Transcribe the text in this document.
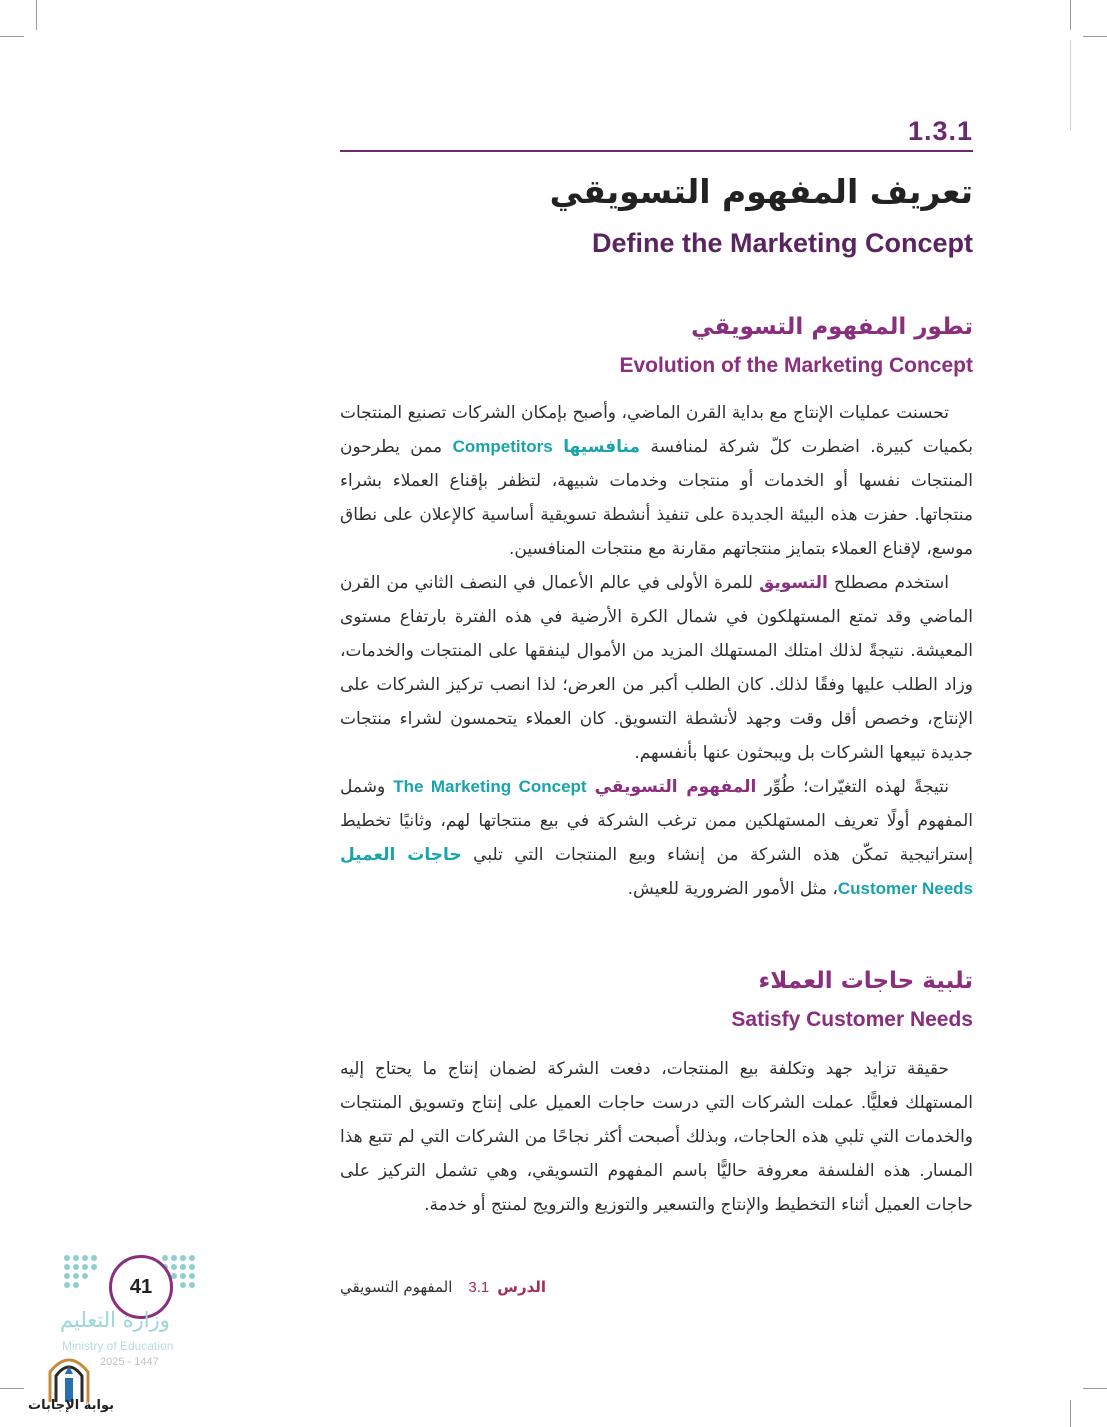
1.3.1
تعريف المفهوم التسويقي
Define the Marketing Concept
تطور المفهوم التسويقي
Evolution of the Marketing Concept

تحسنت عمليات الإنتاج مع بداية القرن الماضي، وأصبح بإمكان الشركات تصنيع المنتجات بكميات كبيرة. اضطرت كلّ شركة لمنافسة منافسيها Competitors ممن يطرحون المنتجات نفسها أو الخدمات أو منتجات وخدمات شبيهة، لتظفر بإقناع العملاء بشراء منتجاتها. حفزت هذه البيئة الجديدة على تنفيذ أنشطة تسويقية أساسية كالإعلان على نطاق موسع، لإقناع العملاء بتمايز منتجاتهم مقارنة مع منتجات المنافسين.

استخدم مصطلح التسويق للمرة الأولى في عالم الأعمال في النصف الثاني من القرن الماضي وقد تمتع المستهلكون في شمال الكرة الأرضية في هذه الفترة بارتفاع مستوى المعيشة. نتيجةً لذلك امتلك المستهلك المزيد من الأموال لينفقها على المنتجات والخدمات، وزاد الطلب عليها وفقًا لذلك. كان الطلب أكبر من العرض؛ لذا انصب تركيز الشركات على الإنتاج، وخصص أقل وقت وجهد لأنشطة التسويق. كان العملاء يتحمسون لشراء منتجات جديدة تبيعها الشركات بل ويبحثون عنها بأنفسهم.

نتيجةً لهذه التغيّرات؛ طُوِّر المفهوم التسويقي The Marketing Concept وشمل المفهوم أولًا تعريف المستهلكين ممن ترغب الشركة في بيع منتجاتها لهم، وثانيًا تخطيط إستراتيجية تمكّن هذه الشركة من إنشاء وبيع المنتجات التي تلبي حاجات العميل Customer Needs، مثل الأمور الضرورية للعيش.

تلبية حاجات العملاء
Satisfy Customer Needs

حقيقة تزايد جهد وتكلفة بيع المنتجات، دفعت الشركة لضمان إنتاج ما يحتاج إليه المستهلك فعليًّا. عملت الشركات التي درست حاجات العميل على إنتاج وتسويق المنتجات والخدمات التي تلبي هذه الحاجات، وبذلك أصبحت أكثر نجاحًا من الشركات التي لم تتبع هذا المسار. هذه الفلسفة معروفة حاليًّا باسم المفهوم التسويقي، وهي تشمل التركيز على حاجات العميل أثناء التخطيط والإنتاج والتسعير والتوزيع والترويج لمنتج أو خدمة.

الدرس3.1المفهوم التسويقي
41
وزارة التعليم
Ministry of Education
2025 - 1447
بوابة الإجابات
